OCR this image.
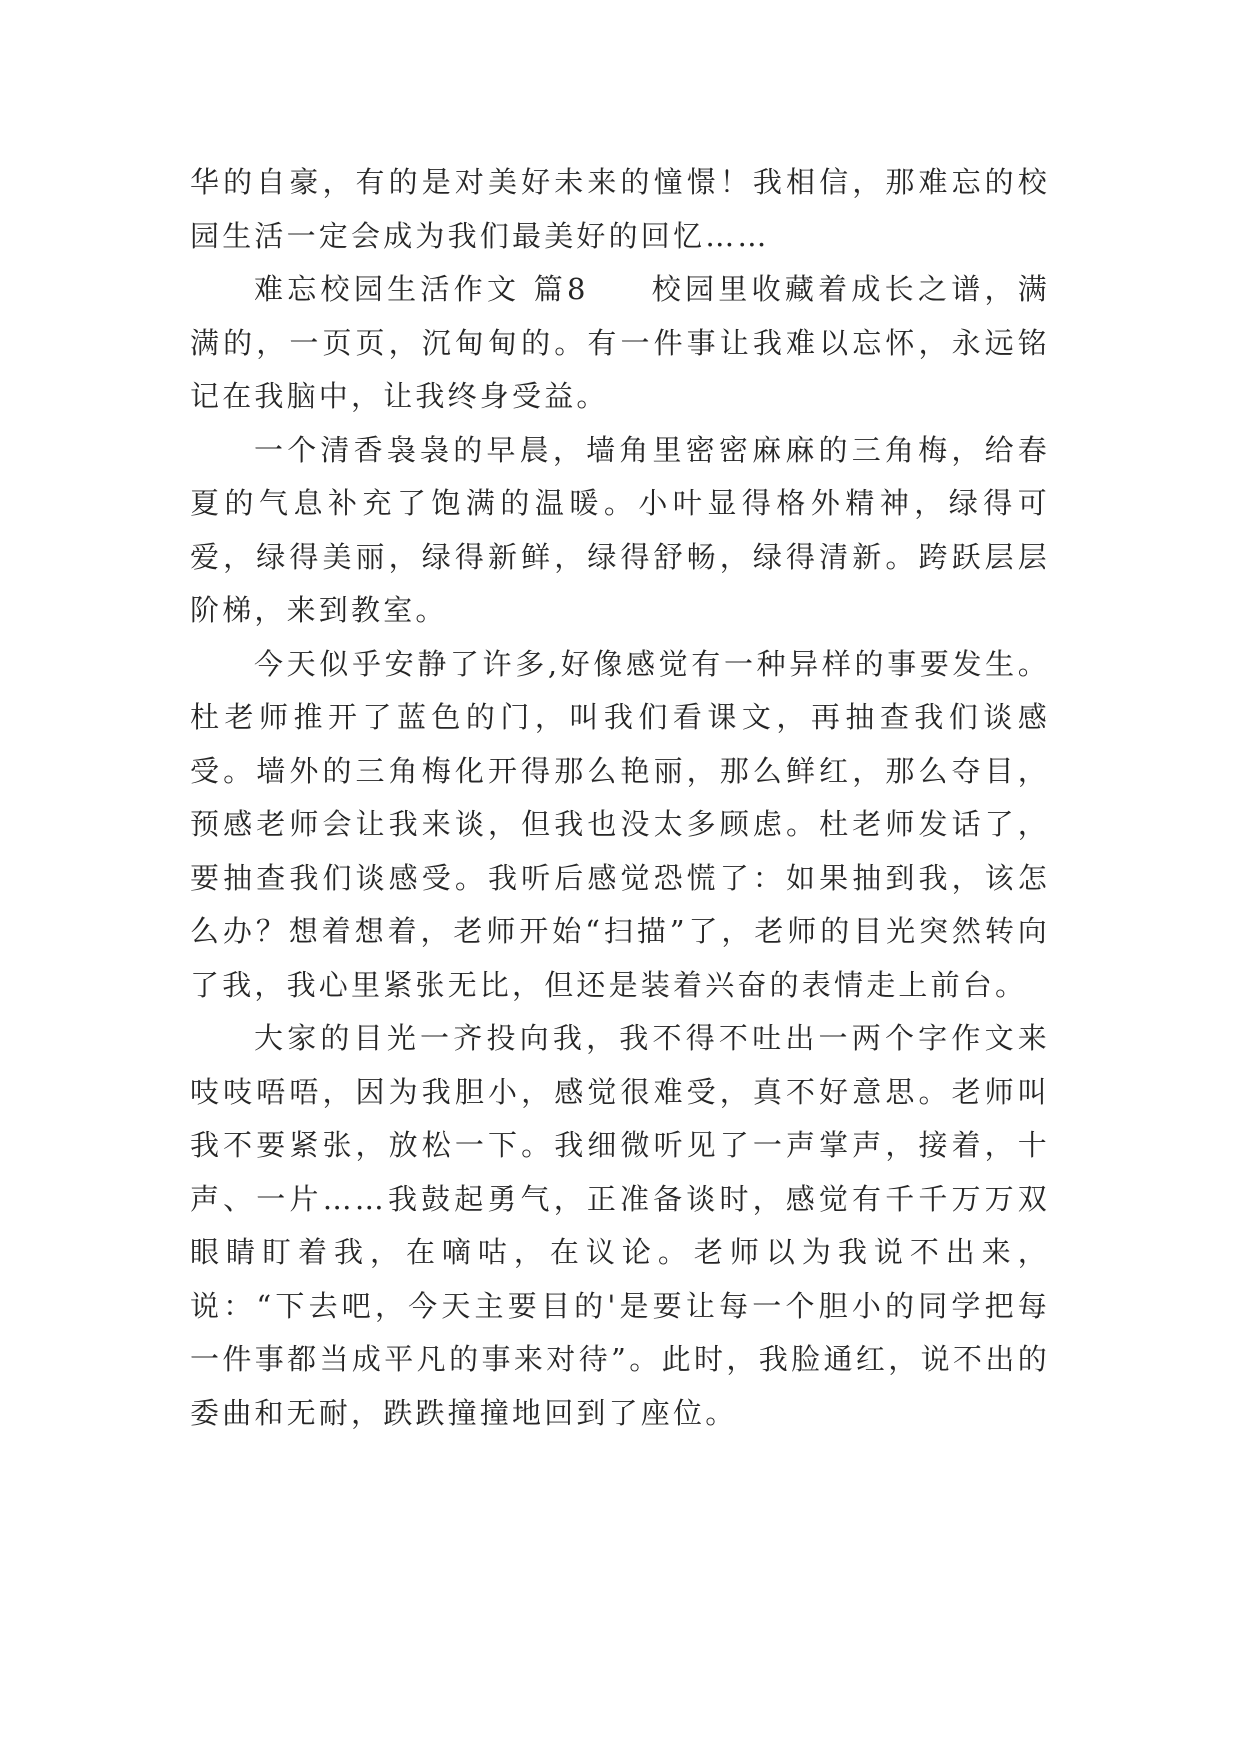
华的自豪，有的是对美好未来的憧憬！我相信，那难忘的校园生活一定会成为我们最美好的回忆……

难忘校园生活作文 篇8 校园里收藏着成长之谱，满满的，一页页，沉甸甸的。有一件事让我难以忘怀，永远铭记在我脑中，让我终身受益。

一个清香袅袅的早晨，墙角里密密麻麻的三角梅，给春夏的气息补充了饱满的温暖。小叶显得格外精神，绿得可爱，绿得美丽，绿得新鲜，绿得舒畅，绿得清新。跨跃层层阶梯，来到教室。

今天似乎安静了许多,好像感觉有一种异样的事要发生。杜老师推开了蓝色的门，叫我们看课文，再抽查我们谈感受。墙外的三角梅化开得那么艳丽，那么鲜红，那么夺目，预感老师会让我来谈，但我也没太多顾虑。杜老师发话了，要抽查我们谈感受。我听后感觉恐慌了：如果抽到我，该怎么办？想着想着，老师开始“扫描”了，老师的目光突然转向了我，我心里紧张无比，但还是装着兴奋的表情走上前台。

大家的目光一齐投向我，我不得不吐出一两个字作文来吱吱唔唔，因为我胆小，感觉很难受，真不好意思。老师叫我不要紧张，放松一下。我细微听见了一声掌声，接着，十声、一片……我鼓起勇气，正准备谈时，感觉有千千万万双眼睛盯着我，在嘀咕，在议论。老师以为我说不出来，说：“下去吧，今天主要目的'是要让每一个胆小的同学把每一件事都当成平凡的事来对待”。此时，我脸通红，说不出的委曲和无耐，跌跌撞撞地回到了座位。
